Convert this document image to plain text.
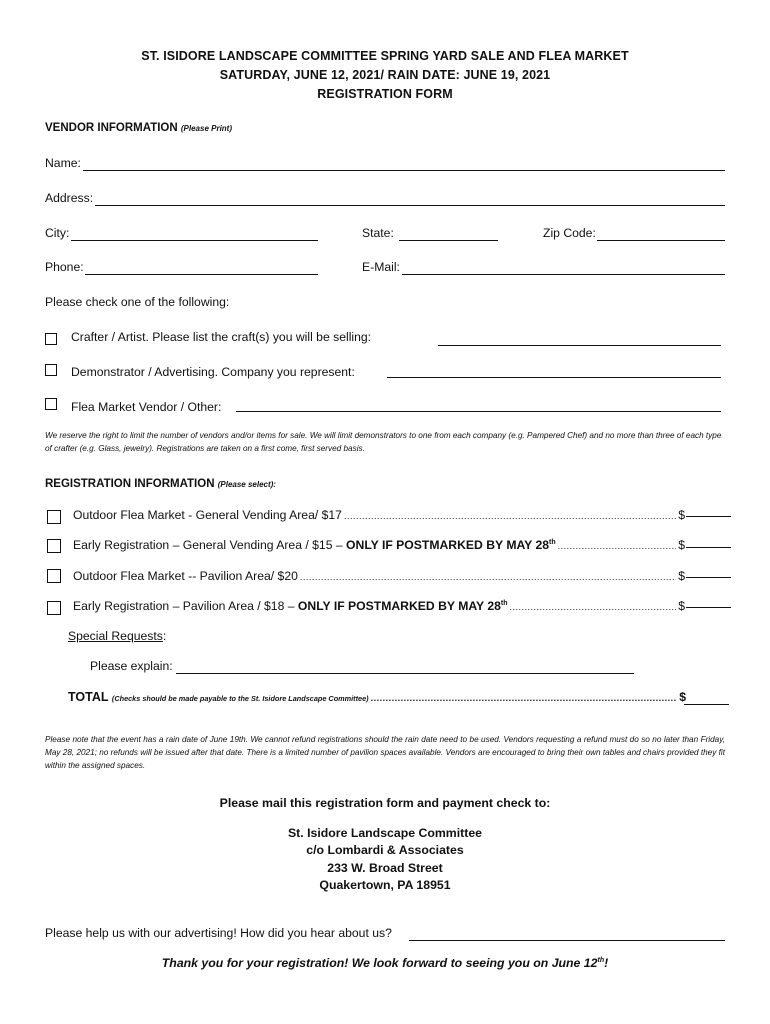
ST. ISIDORE LANDSCAPE COMMITTEE SPRING YARD SALE AND FLEA MARKET
SATURDAY, JUNE 12, 2021/ RAIN DATE: JUNE 19, 2021
REGISTRATION FORM
VENDOR INFORMATION (Please Print)
Name:
Address:
City:	State:	Zip Code:
Phone:	E-Mail:
Please check one of the following:
Crafter / Artist. Please list the craft(s) you will be selling:
Demonstrator / Advertising. Company you represent:
Flea Market Vendor / Other:
We reserve the right to limit the number of vendors and/or items for sale. We will limit demonstrators to one from each company (e.g. Pampered Chef) and no more than three of each type of crafter (e.g. Glass, jewelry). Registrations are taken on a first come, first served basis.
REGISTRATION INFORMATION (Please select):
Outdoor Flea Market - General Vending Area/ $17 .....	$
Early Registration – General Vending Area / $15 –
ONLY IF POSTMARKED BY MAY 28th .....	$
Outdoor Flea Market -- Pavilion Area/ $20 .....	$
Early Registration – Pavilion Area / $18 –
ONLY IF POSTMARKED BY MAY 28th .....	$
Special Requests:
Please explain:
TOTAL
(Checks should be made payable to the St. Isidore Landscape Committee) .....	$
Please note that the event has a rain date of June 19th. We cannot refund registrations should the rain date need to be used. Vendors requesting a refund must do so no later than Friday, May 28, 2021; no refunds will be issued after that date. There is a limited number of pavilion spaces available. Vendors are encouraged to bring their own tables and chairs provided they fit within the assigned spaces.
Please mail this registration form and payment check to:
St. Isidore Landscape Committee
c/o Lombardi & Associates
233 W. Broad Street
Quakertown, PA 18951
Please help us with our advertising! How did you hear about us?
Thank you for your registration! We look forward to seeing you on June 12th!
